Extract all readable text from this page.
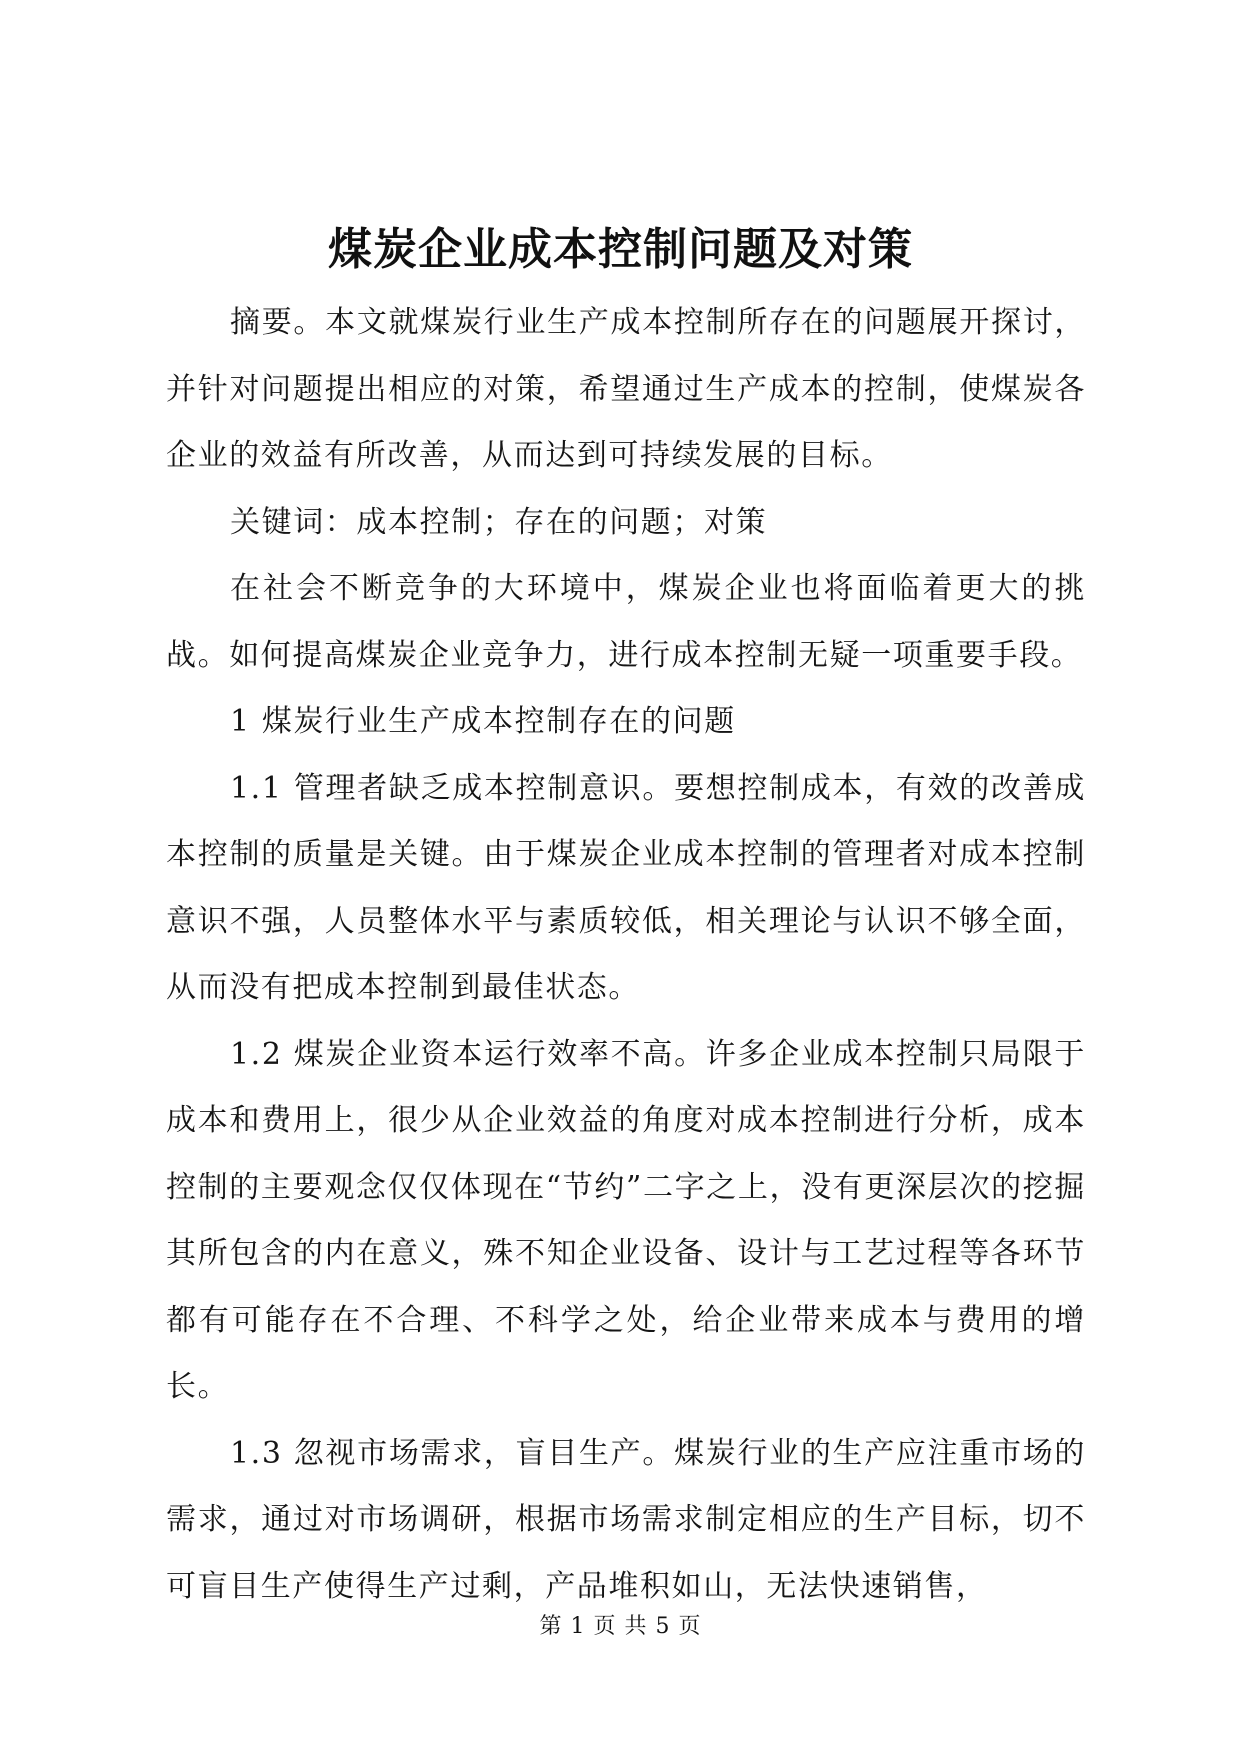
煤炭企业成本控制问题及对策

摘要。本文就煤炭行业生产成本控制所存在的问题展开探讨，并针对问题提出相应的对策，希望通过生产成本的控制，使煤炭各企业的效益有所改善，从而达到可持续发展的目标。

关键词：成本控制；存在的问题；对策

在社会不断竞争的大环境中，煤炭企业也将面临着更大的挑战。如何提高煤炭企业竞争力，进行成本控制无疑一项重要手段。

1 煤炭行业生产成本控制存在的问题

1.1 管理者缺乏成本控制意识。要想控制成本，有效的改善成本控制的质量是关键。由于煤炭企业成本控制的管理者对成本控制意识不强，人员整体水平与素质较低，相关理论与认识不够全面，从而没有把成本控制到最佳状态。

1.2 煤炭企业资本运行效率不高。许多企业成本控制只局限于成本和费用上，很少从企业效益的角度对成本控制进行分析，成本控制的主要观念仅仅体现在“节约”二字之上，没有更深层次的挖掘其所包含的内在意义，殊不知企业设备、设计与工艺过程等各环节都有可能存在不合理、不科学之处，给企业带来成本与费用的增长。

1.3 忽视市场需求，盲目生产。煤炭行业的生产应注重市场的需求，通过对市场调研，根据市场需求制定相应的生产目标，切不可盲目生产使得生产过剩，产品堆积如山，无法快速销售，

第 1 页 共 5 页
